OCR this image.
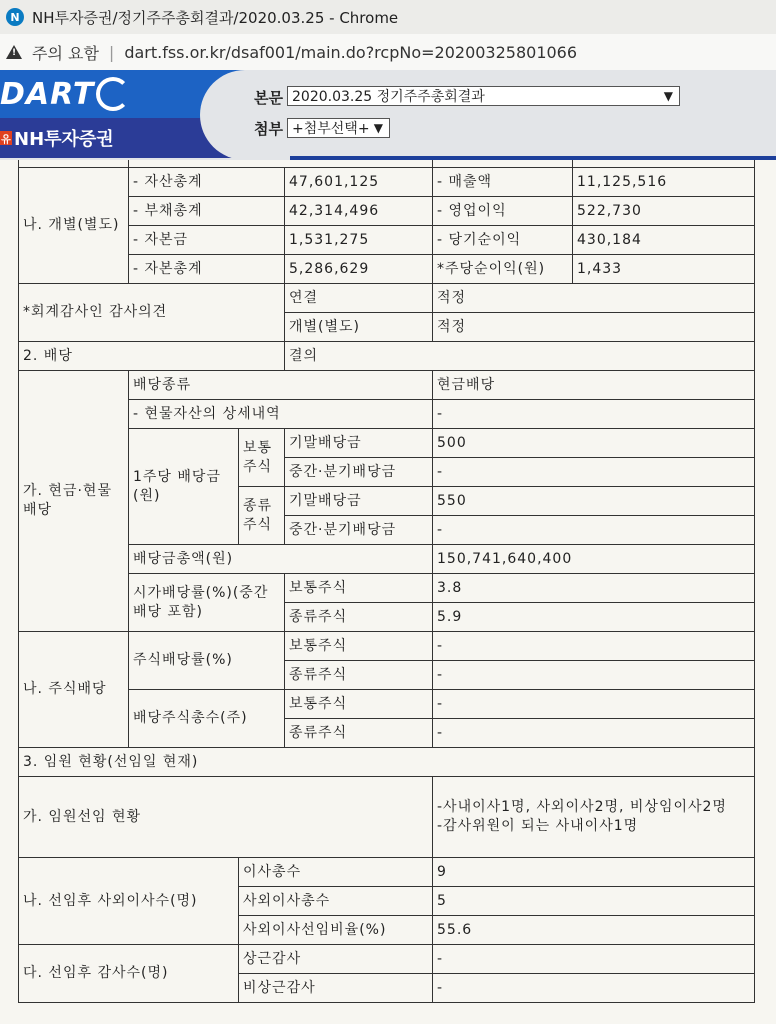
N NH투자증권/정기주주총회결과/2020.03.25 - Chrome
! 주의 요함 | dart.fss.or.kr/dsaf001/main.do?rcpNo=20200325801066
DART
유 NH투자증권
본문 2020.03.25 정기주주총회결과	▼
첨부 +첨부선택+ ▼

나. 개별(별도)	- 자산총계		47,601,125	- 매출액	11,125,516
	- 부채총계		42,314,496	- 영업이익	522,730
	- 자본금		1,531,275	- 당기순이익	430,184
	- 자본총계		5,286,629	*주당순이익(원)	1,433
*회계감사인 감사의견			연결	적정	
			개별(별도)	적정	
2. 배당			결의		
가. 현금·현물배당	배당종류			현금배당	
	- 현물자산의 상세내역			-	
	1주당 배당금(원)	보통주식	기말배당금	500	
			중간·분기배당금	-	
		종류주식	기말배당금	550	
			중간·분기배당금	-	
	배당금총액(원)			150,741,640,400	
	시가배당률(%)(중간배당 포함)		보통주식	3.8	
			종류주식	5.9	
나. 주식배당	주식배당률(%)		보통주식	-	
			종류주식	-	
	배당주식총수(주)		보통주식	-	
			종류주식	-	
3. 임원 현황(선임일 현재)					
가. 임원선임 현황				-사내이사1명, 사외이사2명, 비상임이사2명
-감사위원이 되는 사내이사1명	

나. 선임후 사외이사수(명)		이사총수		9	
		사외이사총수		5	
		사외이사선임비율(%)		55.6	
다. 선임후 감사수(명)		상근감사		-	
		비상근감사		-	
